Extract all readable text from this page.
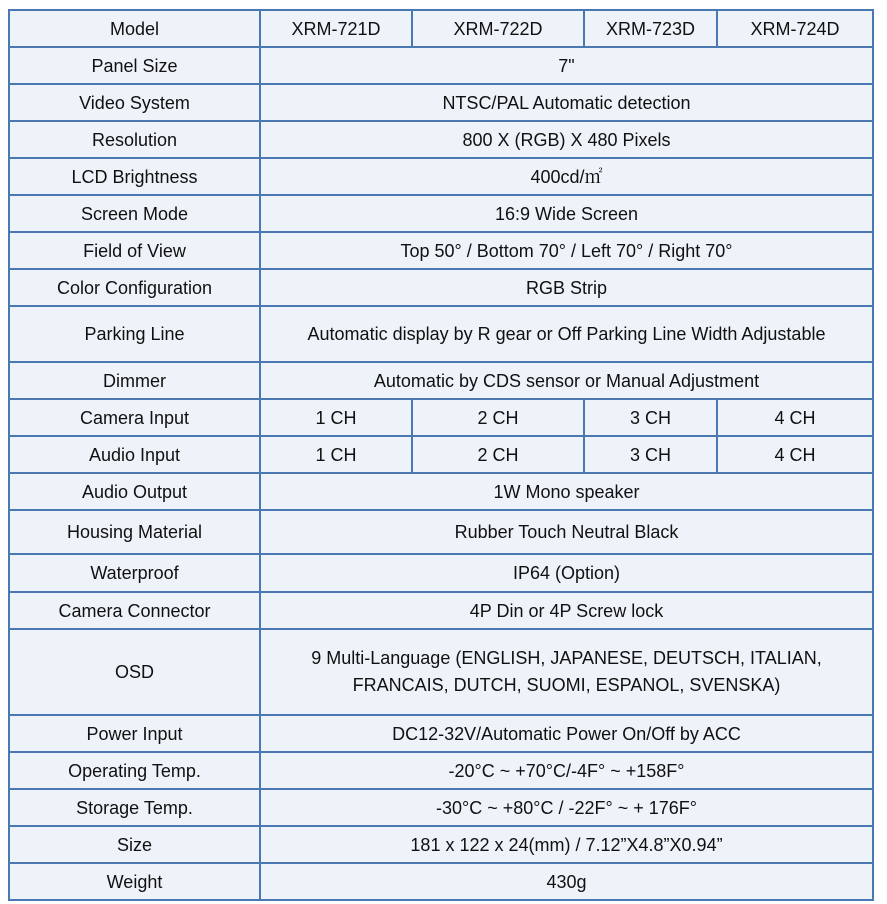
Model	XRM-721D	XRM-722D	XRM-723D	XRM-724D
Panel Size	7"			
Video System	NTSC/PAL Automatic detection			
Resolution	800 X (RGB) X 480 Pixels			
LCD Brightness	400cd/㎡			
Screen Mode	16:9 Wide Screen			
Field of View	Top 50° / Bottom 70° / Left 70° / Right 70°			
Color Configuration	RGB Strip			
Parking Line	Automatic display by R gear or Off Parking Line Width Adjustable			
Dimmer	Automatic by CDS sensor or Manual Adjustment			
Camera Input	1 CH	2 CH	3 CH	4 CH
Audio Input	1 CH	2 CH	3 CH	4 CH
Audio Output	1W Mono speaker			
Housing Material	Rubber Touch Neutral Black			
Waterproof	IP64 (Option)			
Camera Connector	4P Din or 4P Screw lock			
OSD	9 Multi-Language (ENGLISH, JAPANESE, DEUTSCH, ITALIAN,
FRANCAIS, DUTCH, SUOMI, ESPANOL, SVENSKA)			

Power Input	DC12-32V/Automatic Power On/Off by ACC			
Operating Temp.	-20°C ~ +70°C/-4F° ~ +158F°			
Storage Temp.	-30°C ~ +80°C / -22F° ~ + 176F°			
Size	181 x 122 x 24(mm) / 7.12”X4.8”X0.94”			
Weight	430g			
